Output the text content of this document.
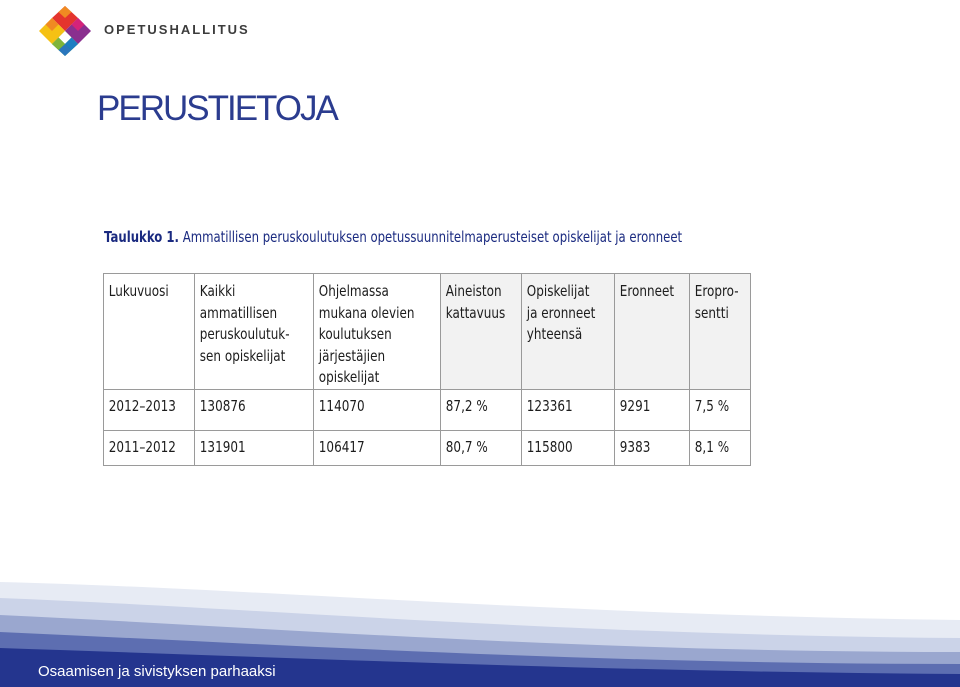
OPETUSHALLITUS
PERUSTIETOJA
Taulukko 1. Ammatillisen peruskoulutuksen opetussuunnitelmaperusteiset opiskelijat ja eronneet
Lukuvuosi	Kaikki
ammatillisen
peruskoulutuk-
sen opiskelijat	Ohjelmassa
mukana olevien
koulutuksen
järjestäjien
opiskelijat	Aineiston
kattavuus	Opiskelijat
ja eronneet
yhteensä	Eronneet	Eropro-
sentti

2012–2013	130876	114070	87,2 %	123361	9291	7,5 %

2011–2012	131901	106417	80,7 %	115800	9383	8,1 %
Osaamisen ja sivistyksen parhaaksi
